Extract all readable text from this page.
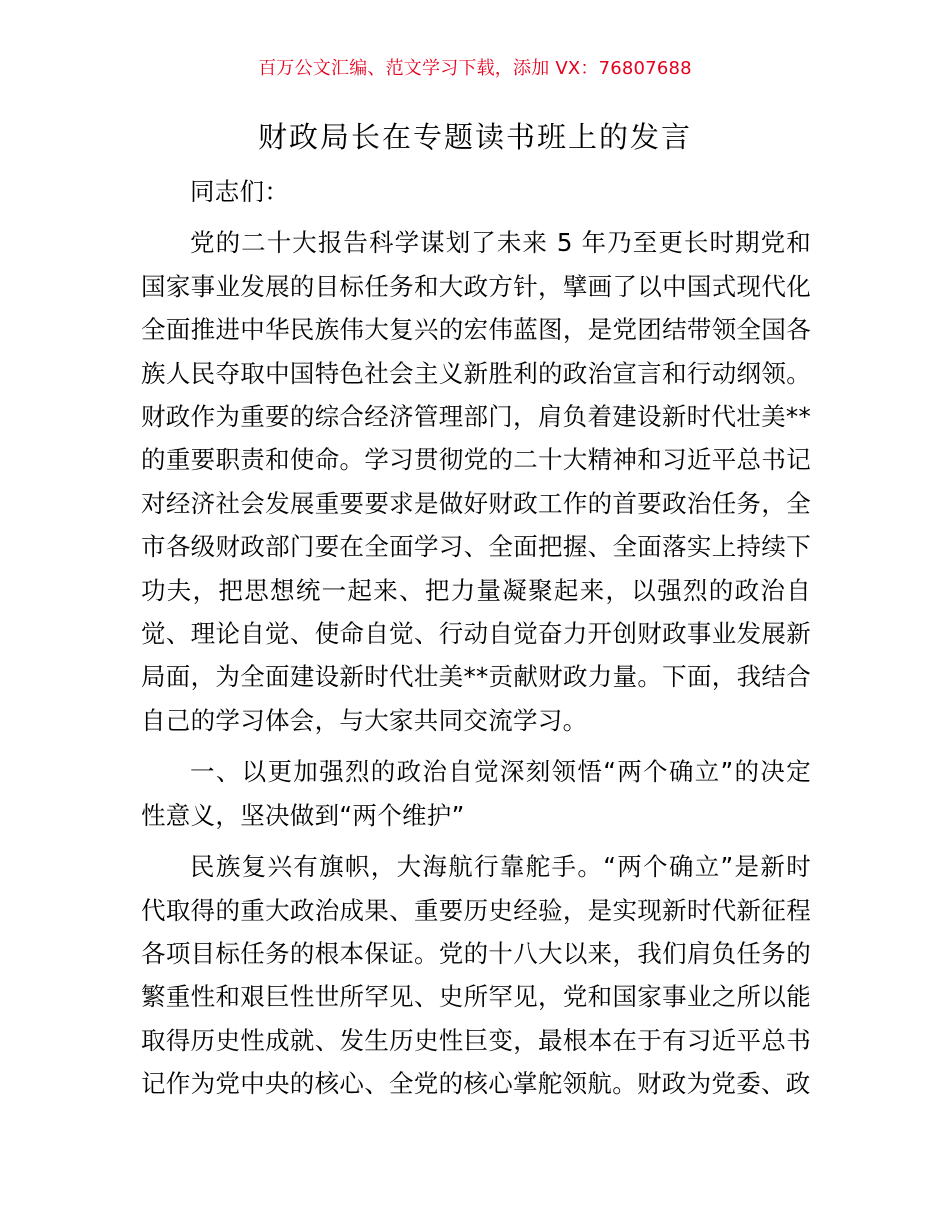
百万公文汇编、范文学习下载，添加 VX：76807688
财政局长在专题读书班上的发言

同志们：

党的二十大报告科学谋划了未来 5 年乃至更长时期党和国家事业发展的目标任务和大政方针，擘画了以中国式现代化全面推进中华民族伟大复兴的宏伟蓝图，是党团结带领全国各族人民夺取中国特色社会主义新胜利的政治宣言和行动纲领。财政作为重要的综合经济管理部门，肩负着建设新时代壮美**的重要职责和使命。学习贯彻党的二十大精神和习近平总书记对经济社会发展重要要求是做好财政工作的首要政治任务，全市各级财政部门要在全面学习、全面把握、全面落实上持续下功夫，把思想统一起来、把力量凝聚起来，以强烈的政治自觉、理论自觉、使命自觉、行动自觉奋力开创财政事业发展新局面，为全面建设新时代壮美**贡献财政力量。下面，我结合自己的学习体会，与大家共同交流学习。

一、以更加强烈的政治自觉深刻领悟“两个确立”的决定性意义，坚决做到“两个维护”

民族复兴有旗帜，大海航行靠舵手。“两个确立”是新时代取得的重大政治成果、重要历史经验，是实现新时代新征程各项目标任务的根本保证。党的十八大以来，我们肩负任务的繁重性和艰巨性世所罕见、史所罕见，党和国家事业之所以能取得历史性成就、发生历史性巨变，最根本在于有习近平总书记作为党中央的核心、全党的核心掌舵领航。财政为党委、政
